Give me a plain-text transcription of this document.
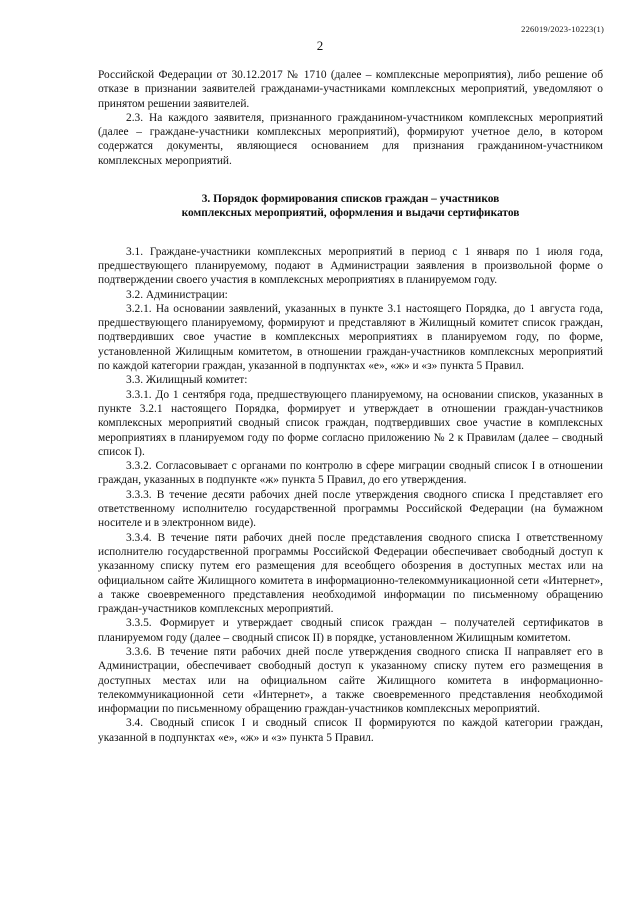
226019/2023-10223(1)
2

Российской Федерации от 30.12.2017 № 1710 (далее – комплексные мероприятия), либо решение об отказе в признании заявителей гражданами-участниками комплексных мероприятий, уведомляют о принятом решении заявителей.

2.3. На каждого заявителя, признанного гражданином-участником комплексных мероприятий (далее – граждане-участники комплексных мероприятий), формируют учетное дело, в котором содержатся документы, являющиеся основанием для признания гражданином-участником комплексных мероприятий.

3. Порядок формирования списков граждан – участников

комплексных мероприятий, оформления и выдачи сертификатов

3.1. Граждане-участники комплексных мероприятий в период с 1 января по 1 июля года, предшествующего планируемому, подают в Администрации заявления в произвольной форме о подтверждении своего участия в комплексных мероприятиях в планируемом году.

3.2. Администрации:

3.2.1. На основании заявлений, указанных в пункте 3.1 настоящего Порядка, до 1 августа года, предшествующего планируемому, формируют и представляют в Жилищный комитет список граждан, подтвердивших свое участие в комплексных мероприятиях в планируемом году, по форме, установленной Жилищным комитетом, в отношении граждан-участников комплексных мероприятий по каждой категории граждан, указанной в подпунктах «е», «ж» и «з» пункта 5 Правил.

3.3. Жилищный комитет:

3.3.1. До 1 сентября года, предшествующего планируемому, на основании списков, указанных в пункте 3.2.1 настоящего Порядка, формирует и утверждает в отношении граждан-участников комплексных мероприятий сводный список граждан, подтвердивших свое участие в комплексных мероприятиях в планируемом году по форме согласно приложению № 2 к Правилам (далее – сводный список I).

3.3.2. Согласовывает с органами по контролю в сфере миграции сводный список I в отношении граждан, указанных в подпункте «ж» пункта 5 Правил, до его утверждения.

3.3.3. В течение десяти рабочих дней после утверждения сводного списка I представляет его ответственному исполнителю государственной программы Российской Федерации (на бумажном носителе и в электронном виде).

3.3.4. В течение пяти рабочих дней после представления сводного списка I ответственному исполнителю государственной программы Российской Федерации обеспечивает свободный доступ к указанному списку путем его размещения для всеобщего обозрения в доступных местах или на официальном сайте Жилищного комитета в информационно-телекоммуникационной сети «Интернет», а также своевременного представления необходимой информации по письменному обращению граждан-участников комплексных мероприятий.

3.3.5. Формирует и утверждает сводный список граждан – получателей сертификатов в планируемом году (далее – сводный список II) в порядке, установленном Жилищным комитетом.

3.3.6. В течение пяти рабочих дней после утверждения сводного списка II направляет его в Администрации, обеспечивает свободный доступ к указанному списку путем его размещения в доступных местах или на официальном сайте Жилищного комитета в информационно-телекоммуникационной сети «Интернет», а также своевременного представления необходимой информации по письменному обращению граждан-участников комплексных мероприятий.

3.4. Сводный список I и сводный список II формируются по каждой категории граждан, указанной в подпунктах «е», «ж» и «з» пункта 5 Правил.
